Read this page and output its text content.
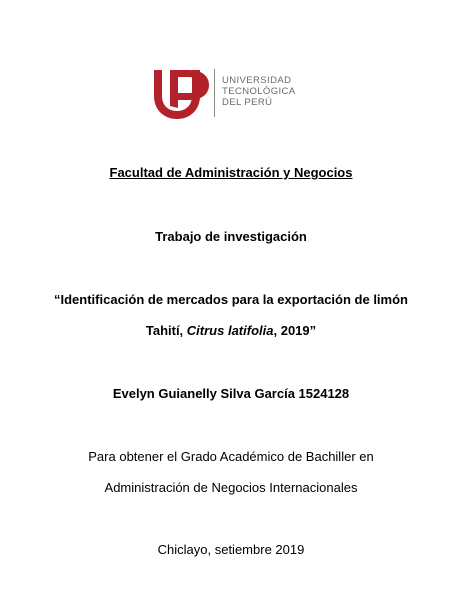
UNIVERSIDAD
TECNOLÓGICA
DEL PERÚ
Facultad de Administración y Negocios
Trabajo de investigación
“Identificación de mercados para la exportación de limón
Tahití, Citrus latifolia, 2019”
Evelyn Guianelly Silva García 1524128
Para obtener el Grado Académico de Bachiller en
Administración de Negocios Internacionales
Chiclayo, setiembre 2019
